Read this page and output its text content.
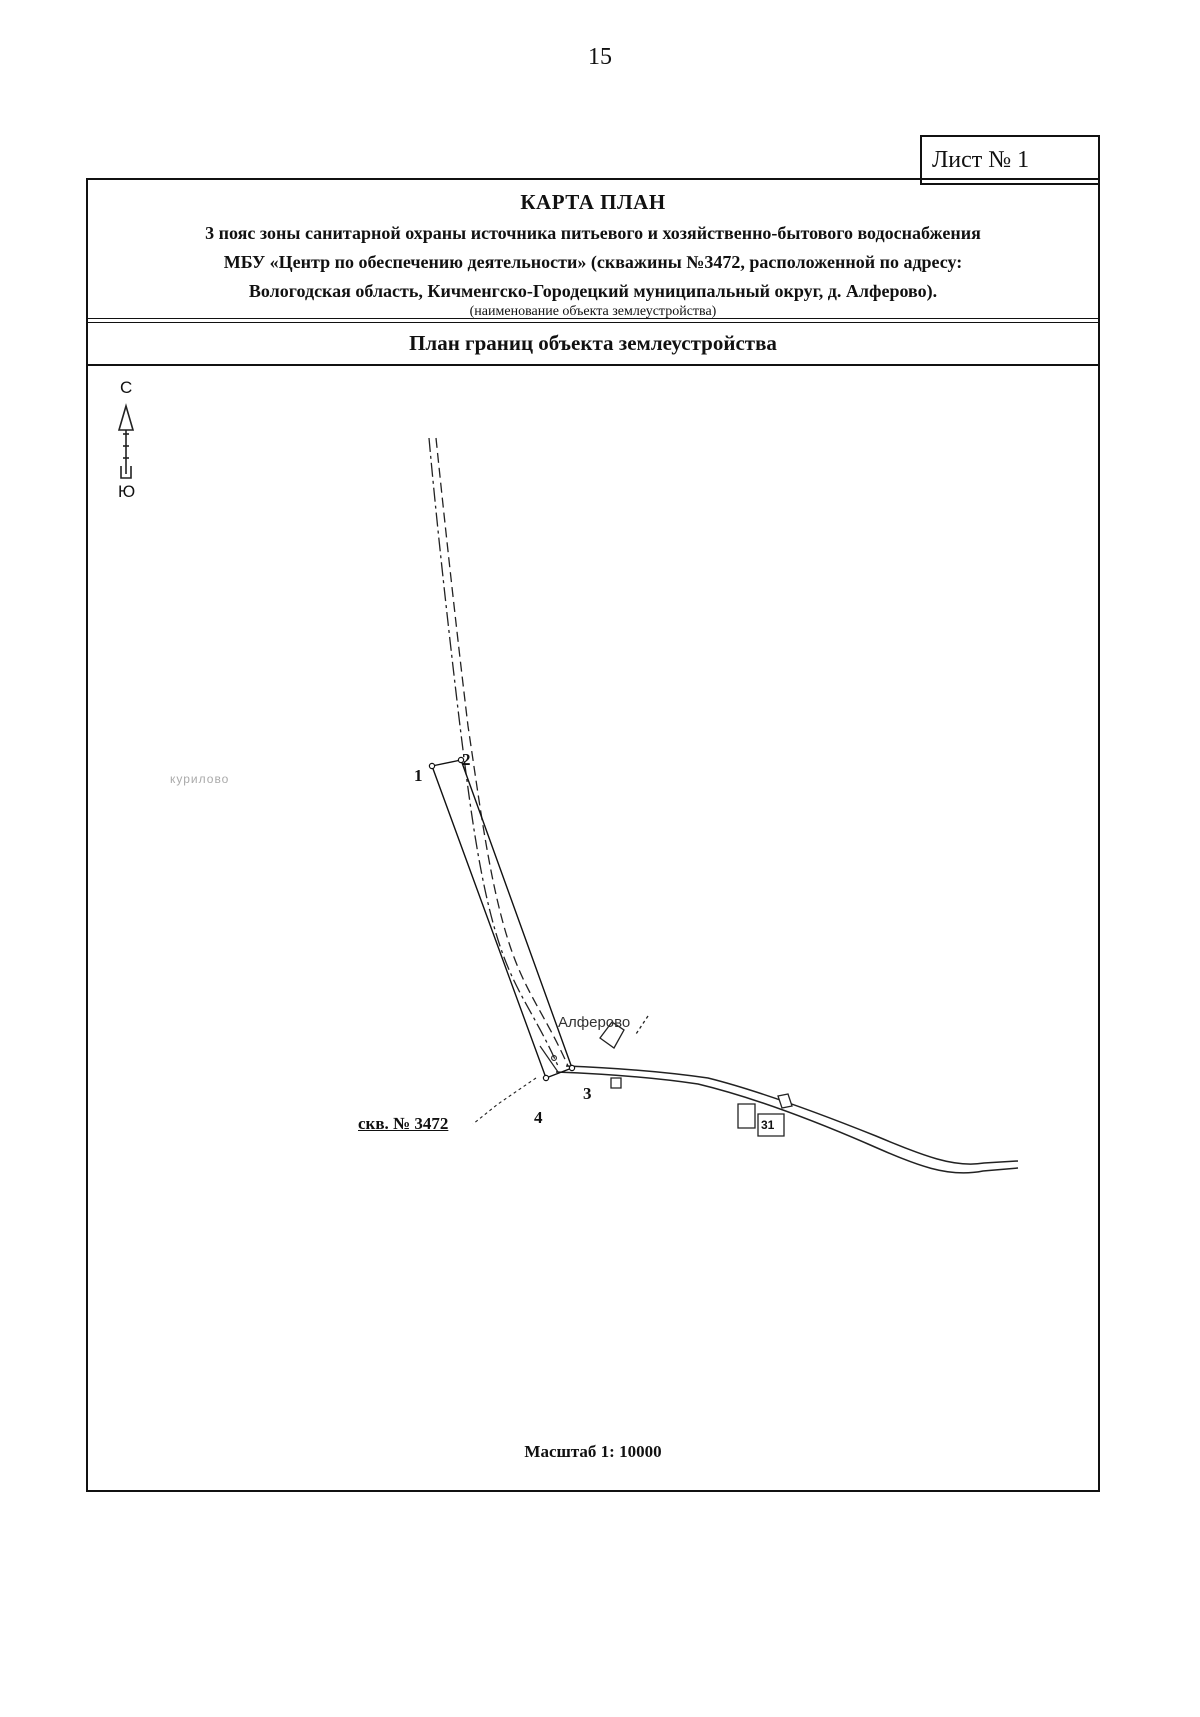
15
Лист № 1
КАРТА ПЛАН
3 пояс зоны санитарной охраны источника питьевого и хозяйственно-бытового водоснабжения
МБУ «Центр по обеспечению деятельности» (скважины №3472, расположенной по адресу:
Вологодская область, Кичменгско-Городецкий муниципальный округ, д. Алферово).
(наименование объекта землеустройства)
План границ объекта землеустройства
С
Ю
курилово	1
2
3
4
Алферово
31
скв. № 3472
Масштаб 1: 10000
